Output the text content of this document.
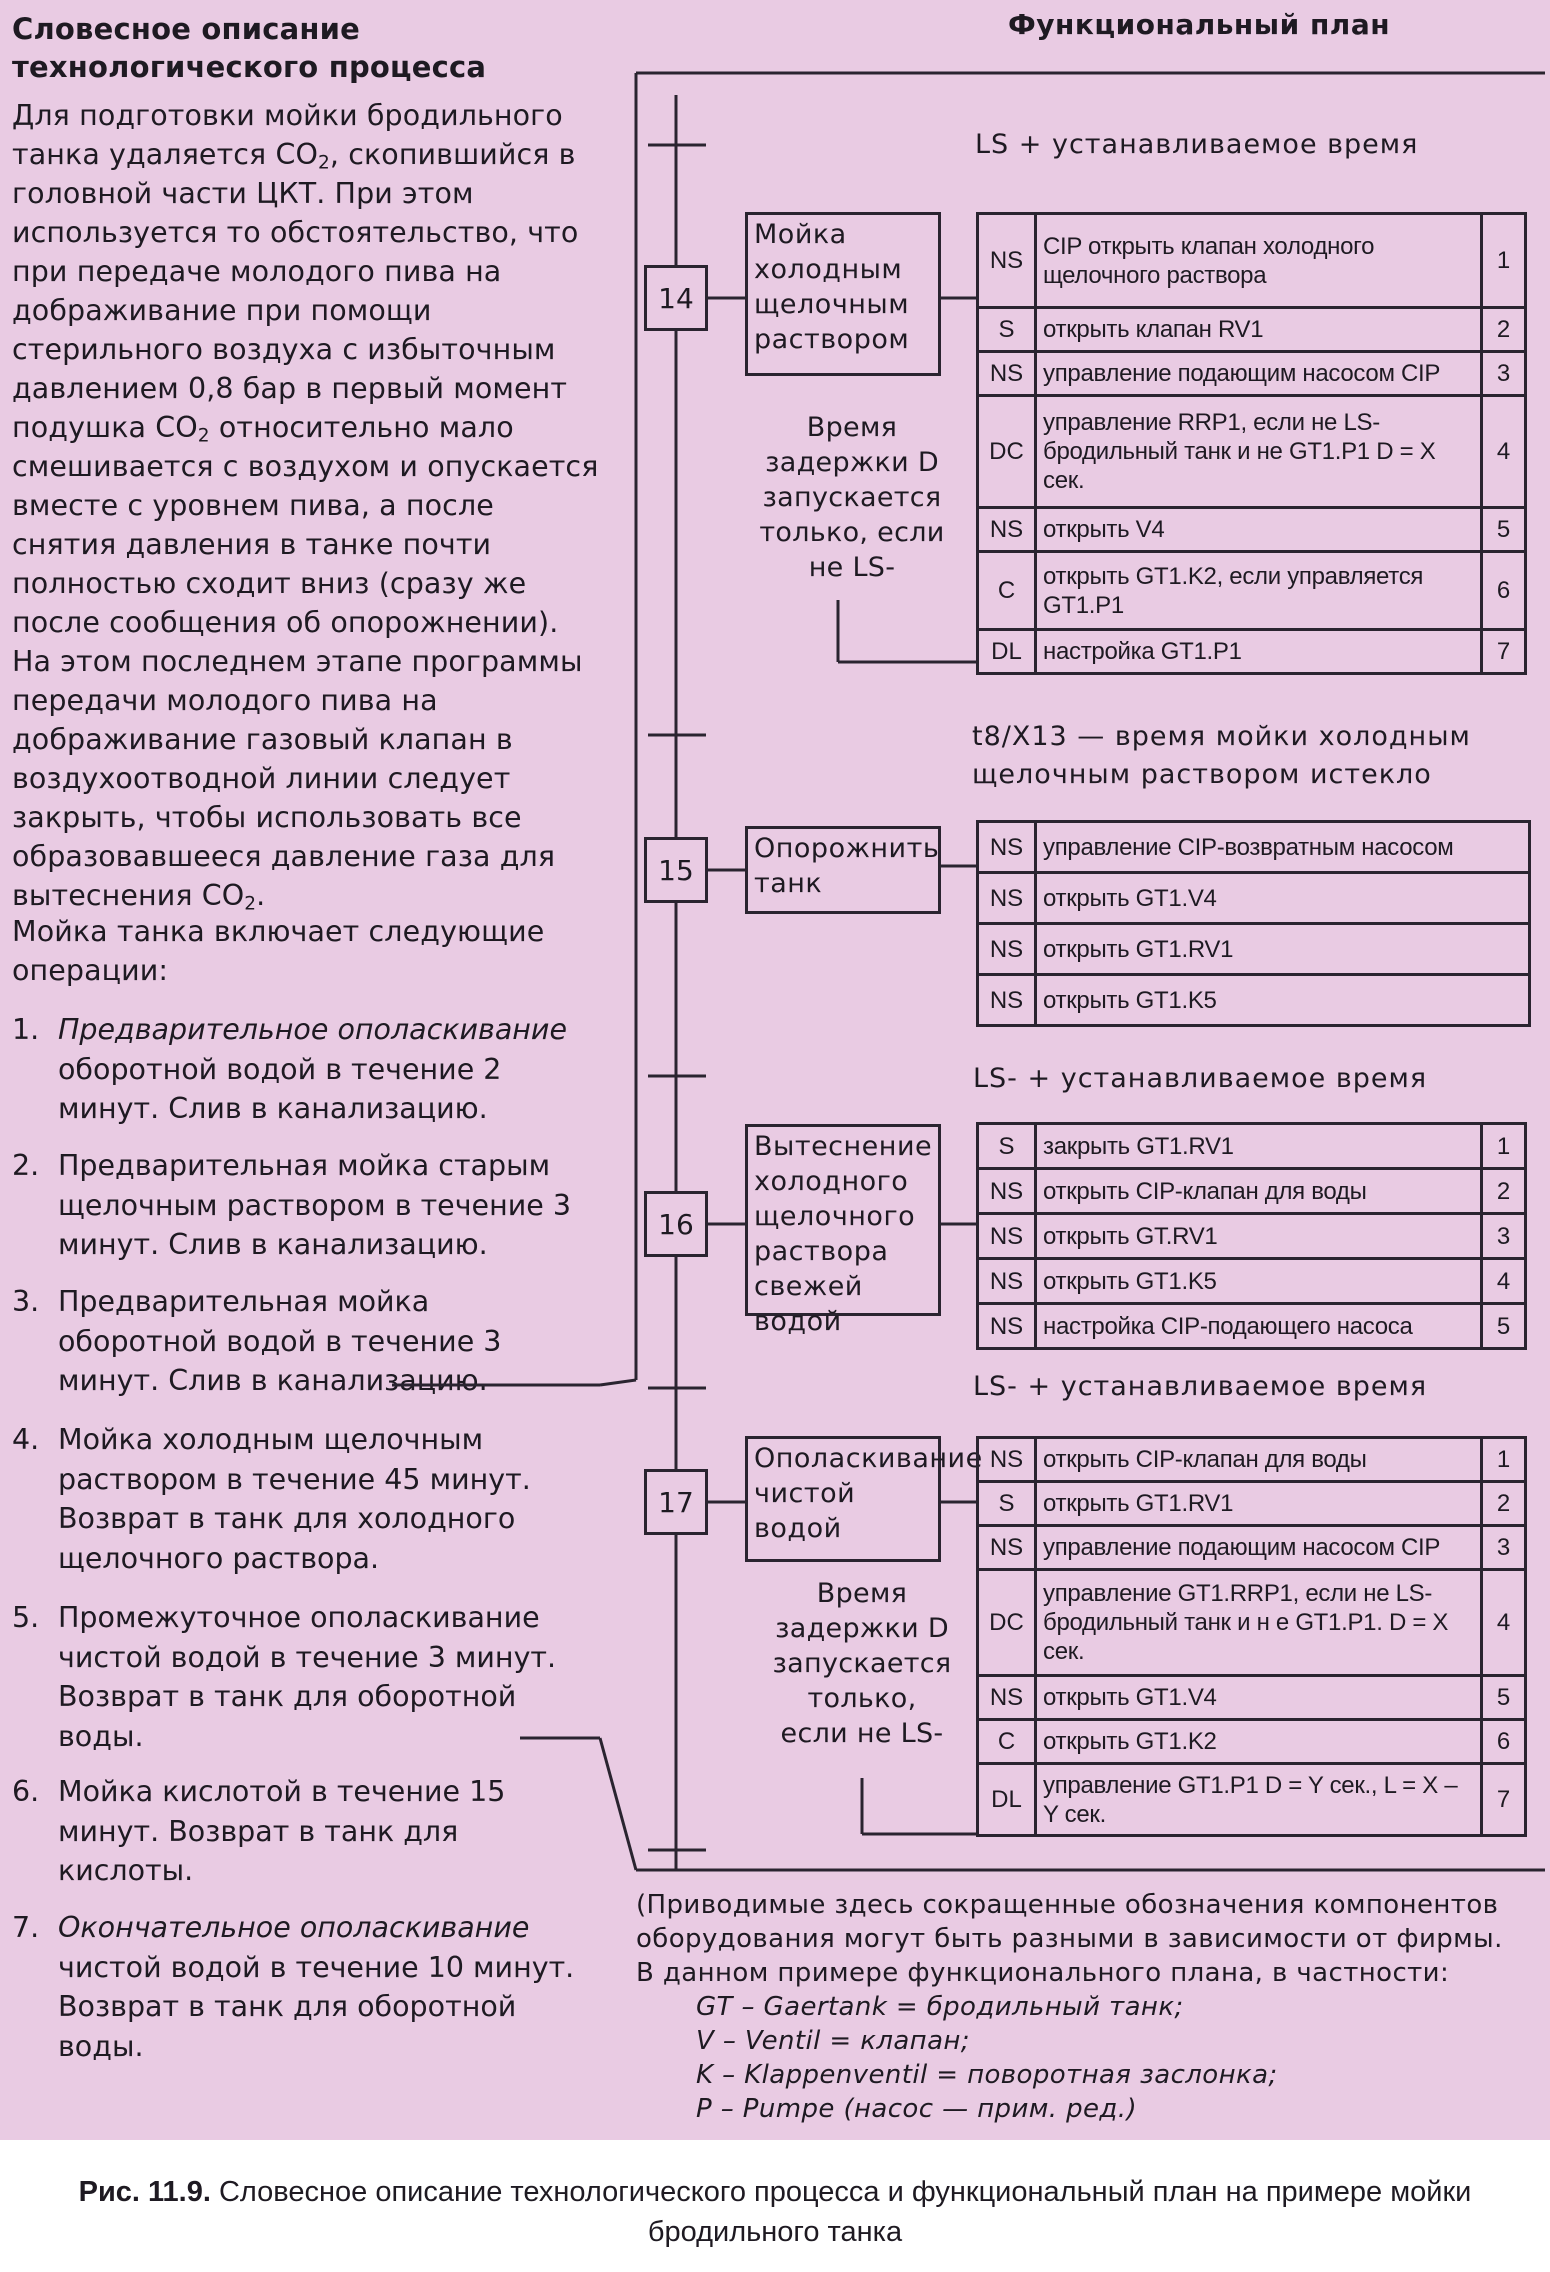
Словесное описание технологического процесса

Для подготовки мойки бродильного танка удаляется $СО_2$, скопившийся в головной части ЦКТ. При этом используется то обстоятельство, что при передаче молодого пива на дображивание при помощи стерильного воздуха с избыточным давлением 0,8 бар в первый момент подушка $СО_2$ относительно мало смешивается с воздухом и опускается вместе с уровнем пива, а после снятия давления в танке почти полностью сходит вниз (сразу же после сообщения об опорожнении). На этом последнем этапе программы передачи молодого пива на дображивание газовый клапан в воздухоотводной линии следует закрыть, чтобы использовать все образовавшееся давление газа для вытеснения $СО_2$.

Мойка танка включает следующие операции:

1. Предварительное ополаскивание оборотной водой в течение 2 минут. Слив в канализацию.
2. Предварительная мойка старым щелочным раствором в течение 3 минут. Слив в канализацию.
3. Предварительная мойка оборотной водой в течение 3 минут. Слив в канализацию.
4. Мойка холодным щелочным раствором в течение 45 минут. Возврат в танк для холодного щелочного раствора.
5. Промежуточное ополаскивание чистой водой в течение 3 минут. Возврат в танк для оборотной воды.
6. Мойка кислотой в течение 15 минут. Возврат в танк для кислоты.
7. Окончательное ополаскивание чистой водой в течение 10 минут. Возврат в танк для оборотной воды.
Функциональный план
LS + устанавливаемое время
t8/X13 — время мойки холодным щелочным раствором истекло
LS- + устанавливаемое время
LS- + устанавливаемое время
14
Мойка холодным щелочным раствором
Время задержки D запускается только, если не LS-
NS	CIP открыть клапан холодного щелочного раствора	1
S	открыть клапан RV1	2
NS	управление подающим насосом CIP	3
DC	управление RRP1, если не LS-бродильный танк и не GT1.P1 D = X сек.	4
NS	открыть V4	5
C	открыть GT1.K2, если управляется GT1.P1	6
DL	настройка GT1.P1	7
15
Опорожнить танк
NS	управление CIP-возвратным насосом
NS	открыть GT1.V4
NS	открыть GT1.RV1
NS	открыть GT1.K5
16
Вытеснение холодного щелочного раствора свежей водой
S	закрыть GT1.RV1	1
NS	открыть CIP-клапан для воды	2
NS	открыть GT.RV1	3
NS	открыть GT1.K5	4
NS	настройка CIP-подающего насоса	5
17
Ополаскивание чистой водой
Время задержки D запускается только, если не LS-
NS	открыть CIP-клапан для воды	1
S	открыть GT1.RV1	2
NS	управление подающим насосом CIP	3
DC	управление GT1.RRP1, если не LS-бродильный танк и н е GT1.P1. D = X сек.	4
NS	открыть GT1.V4	5
C	открыть GT1.K2	6
DL	управление GT1.P1 D = Y сек., L = X – Y сек.	7
(Приводимые здесь сокращенные обозначения компонентов оборудования могут быть разными в зависимости от фирмы. В данном примере функционального плана, в частности:
GT – Gaertank = бродильный танк;
V – Ventil = клапан;
K – Klappenventil = поворотная заслонка;
P – Pumpe (насос — прим. ред.)
Рис. 11.9. Словесное описание технологического процесса и функциональный план на примере мойки бродильного танка
